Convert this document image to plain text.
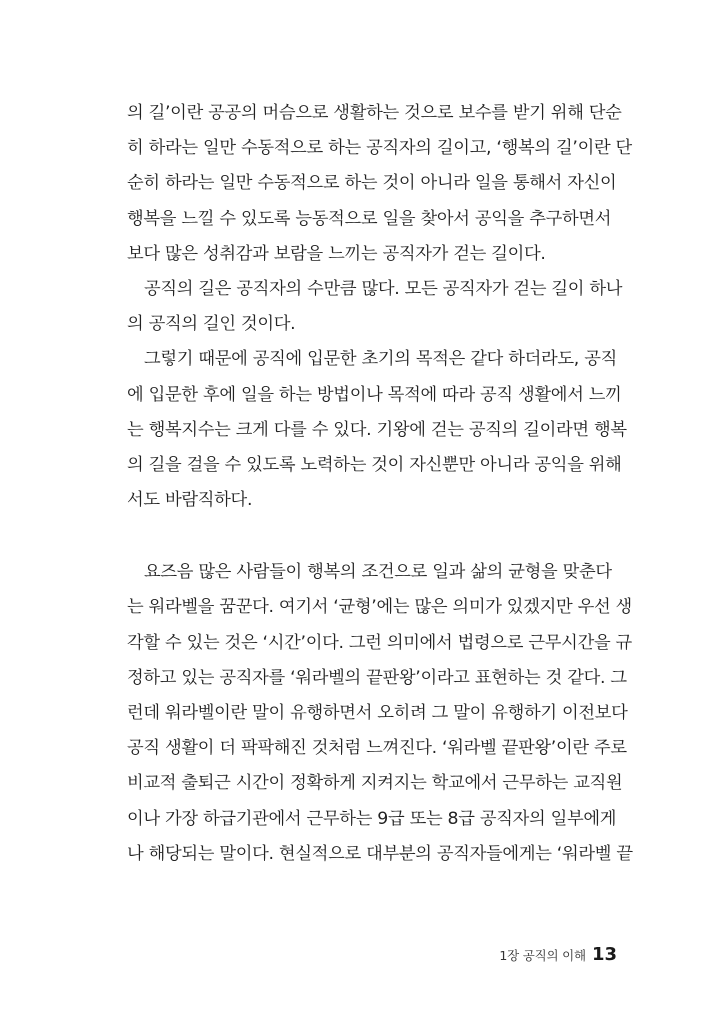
의 길’이란 공공의 머슴으로 생활하는 것으로 보수를 받기 위해 단순
히 하라는 일만 수동적으로 하는 공직자의 길이고, ‘행복의 길’이란 단
순히 하라는 일만 수동적으로 하는 것이 아니라 일을 통해서 자신이
행복을 느낄 수 있도록 능동적으로 일을 찾아서 공익을 추구하면서
보다 많은 성취감과 보람을 느끼는 공직자가 걷는 길이다.
공직의 길은 공직자의 수만큼 많다. 모든 공직자가 걷는 길이 하나
의 공직의 길인 것이다.
그렇기 때문에 공직에 입문한 초기의 목적은 같다 하더라도, 공직
에 입문한 후에 일을 하는 방법이나 목적에 따라 공직 생활에서 느끼
는 행복지수는 크게 다를 수 있다. 기왕에 걷는 공직의 길이라면 행복
의 길을 걸을 수 있도록 노력하는 것이 자신뿐만 아니라 공익을 위해
서도 바람직하다.
요즈음 많은 사람들이 행복의 조건으로 일과 삶의 균형을 맞춘다
는 워라벨을 꿈꾼다. 여기서 ‘균형’에는 많은 의미가 있겠지만 우선 생
각할 수 있는 것은 ‘시간’이다. 그런 의미에서 법령으로 근무시간을 규
정하고 있는 공직자를 ‘워라벨의 끝판왕’이라고 표현하는 것 같다. 그
런데 워라벨이란 말이 유행하면서 오히려 그 말이 유행하기 이전보다
공직 생활이 더 팍팍해진 것처럼 느껴진다. ‘워라벨 끝판왕’이란 주로
비교적 출퇴근 시간이 정확하게 지켜지는 학교에서 근무하는 교직원
이나 가장 하급기관에서 근무하는 9급 또는 8급 공직자의 일부에게
나 해당되는 말이다. 현실적으로 대부분의 공직자들에게는 ‘워라벨 끝
1장 공직의 이해 13
